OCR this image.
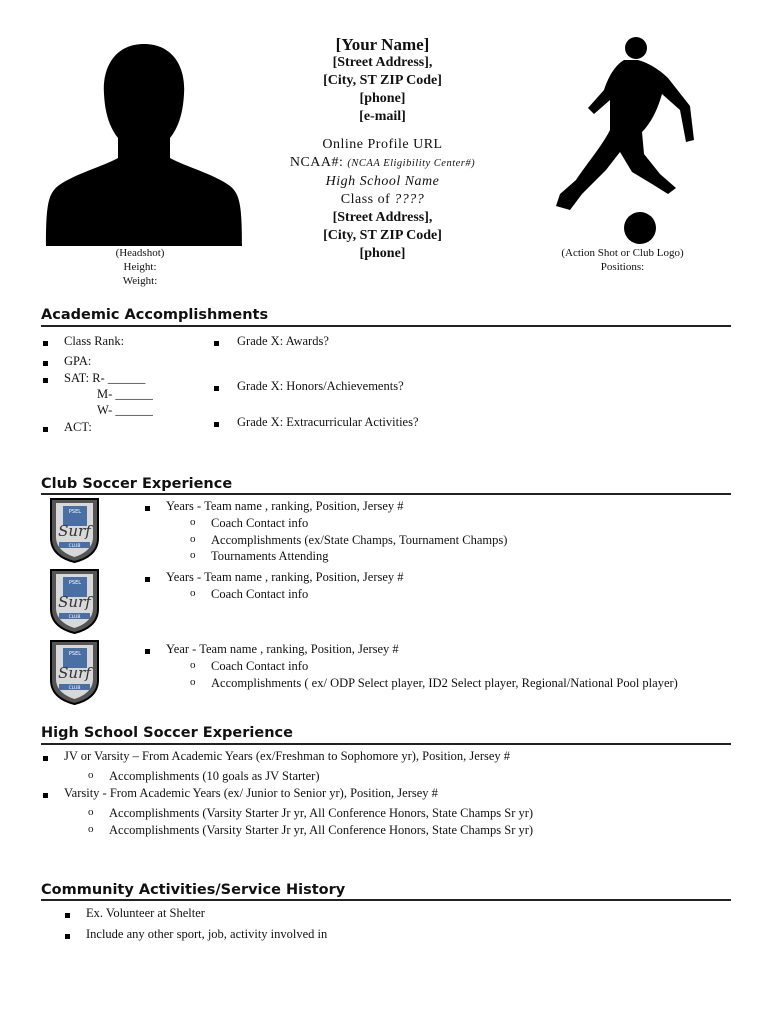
(Headshot)
Height:
Weight:
(Action Shot or Club Logo)
Positions:
[Your Name]
[Street Address],
[City, ST ZIP Code]
[phone]
[e-mail]
Online Profile URL
NCAA#: (NCAA Eligibility Center#)
High School Name
Class of ????
[Street Address],
[City, ST ZIP Code]
[phone]
Academic Accomplishments
Class Rank:
GPA:
SAT: R- ______
M- ______
W- ______
ACT:
Grade X: Awards?
Grade X: Honors/Achievements?
Grade X: Extracurricular Activities?
Club Soccer Experience
PSEL
Surf
CLUB
PSEL
Surf
CLUB
PSEL
Surf
CLUB
Years - Team name , ranking, Position, Jersey #
o Coach Contact info
o Accomplishments (ex/State Champs, Tournament Champs)
o Tournaments Attending
Years - Team name , ranking, Position, Jersey #
o Coach Contact info
Year - Team name , ranking, Position, Jersey #
o Coach Contact info
o Accomplishments ( ex/ ODP Select player, ID2 Select player, Regional/National Pool player)
High School Soccer Experience
JV or Varsity – From Academic Years (ex/Freshman to Sophomore yr), Position, Jersey #
o Accomplishments (10 goals as JV Starter)
Varsity - From Academic Years (ex/ Junior to Senior yr), Position, Jersey #
o Accomplishments (Varsity Starter Jr yr, All Conference Honors, State Champs Sr yr)
o Accomplishments (Varsity Starter Jr yr, All Conference Honors, State Champs Sr yr)
Community Activities/Service History
Ex. Volunteer at Shelter
Include any other sport, job, activity involved in
